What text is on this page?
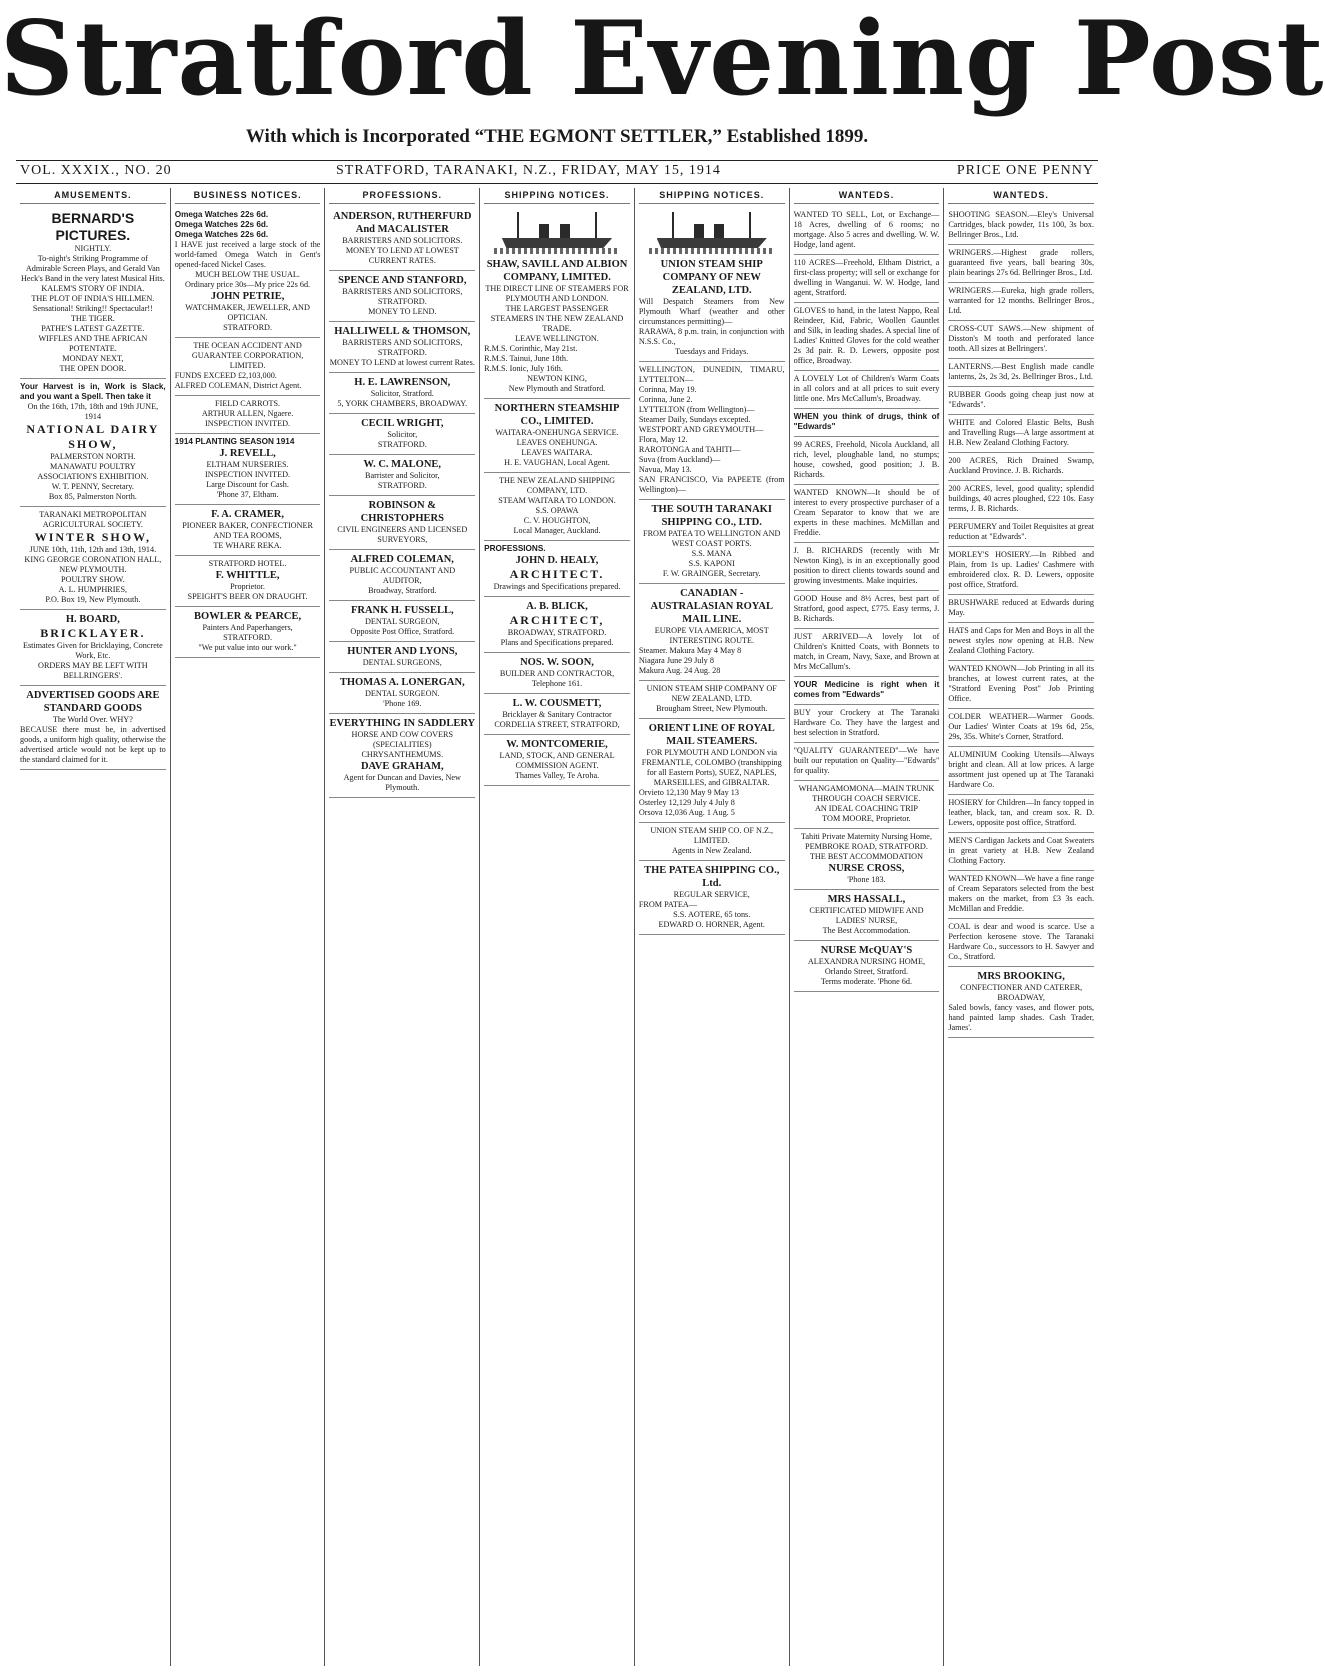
Stratford Evening Post
With which is Incorporated “THE EGMONT SETTLER,” Established 1899.
VOL. XXXIX., NO. 20	STRATFORD, TARANAKI, N.Z., FRIDAY, MAY 15, 1914	PRICE ONE PENNY
AMUSEMENTS.

BERNARD'S PICTURES.

NIGHTLY.

To-night's Striking Programme of Admirable Screen Plays, and Gerald Van Heck's Band in the very latest Musical Hits.

KALEM'S STORY OF INDIA.

THE PLOT OF INDIA'S HILLMEN.

Sensational! Striking!! Spectacular!!

THE TIGER.

PATHE'S LATEST GAZETTE.

WIFFLES AND THE AFRICAN POTENTATE.

MONDAY NEXT,

THE OPEN DOOR.

Your Harvest is in, Work is Slack, and you want a Spell. Then take it

On the 16th, 17th, 18th and 19th JUNE, 1914

NATIONAL DAIRY SHOW,

PALMERSTON NORTH.

MANAWATU POULTRY ASSOCIATION'S EXHIBITION.

W. T. PENNY, Secretary.

Box 85, Palmerston North.

TARANAKI METROPOLITAN AGRICULTURAL SOCIETY.

WINTER SHOW,

JUNE 10th, 11th, 12th and 13th, 1914.

KING GEORGE CORONATION HALL,

NEW PLYMOUTH.

POULTRY SHOW.

A. L. HUMPHRIES,

P.O. Box 19, New Plymouth.

H. BOARD,

BRICKLAYER.

Estimates Given for Bricklaying, Concrete Work, Etc.

ORDERS MAY BE LEFT WITH BELLRINGERS'.

ADVERTISED GOODS ARE STANDARD GOODS

The World Over. WHY?

BECAUSE there must be, in advertised goods, a uniform high quality, otherwise the advertised article would not be kept up to the standard claimed for it.

BUSINESS NOTICES.

Omega Watches 22s 6d.

Omega Watches 22s 6d.

Omega Watches 22s 6d.

I HAVE just received a large stock of the world-famed Omega Watch in Gent's opened-faced Nickel Cases.

MUCH BELOW THE USUAL.

Ordinary price 30s—My price 22s 6d.

JOHN PETRIE,

WATCHMAKER, JEWELLER, AND OPTICIAN.

STRATFORD.

THE OCEAN ACCIDENT AND GUARANTEE CORPORATION, LIMITED.

FUNDS EXCEED £2,103,000.

ALFRED COLEMAN, District Agent.

FIELD CARROTS.

ARTHUR ALLEN, Ngaere.

INSPECTION INVITED.

1914 PLANTING SEASON 1914

J. REVELL,

ELTHAM NURSERIES.

INSPECTION INVITED.

Large Discount for Cash.

'Phone 37, Eltham.

F. A. CRAMER,

PIONEER BAKER, CONFECTIONER AND TEA ROOMS,

TE WHARE REKA.

STRATFORD HOTEL.

F. WHITTLE,

Proprietor.

SPEIGHT'S BEER ON DRAUGHT.

BOWLER & PEARCE,

Painters And Paperhangers,

STRATFORD.

"We put value into our work."

PROFESSIONS.

ANDERSON, RUTHERFURD And MACALISTER

BARRISTERS AND SOLICITORS.

MONEY TO LEND AT LOWEST CURRENT RATES.

SPENCE AND STANFORD,

BARRISTERS AND SOLICITORS, STRATFORD.

MONEY TO LEND.

HALLIWELL & THOMSON,

BARRISTERS AND SOLICITORS, STRATFORD.

MONEY TO LEND at lowest current Rates.

H. E. LAWRENSON,

Solicitor, Stratford.

5, YORK CHAMBERS, BROADWAY.

CECIL WRIGHT,

Solicitor,

STRATFORD.

W. C. MALONE,

Barrister and Solicitor,

STRATFORD.

ROBINSON & CHRISTOPHERS

CIVIL ENGINEERS AND LICENSED SURVEYORS,

ALFRED COLEMAN,

PUBLIC ACCOUNTANT AND AUDITOR,

Broadway, Stratford.

FRANK H. FUSSELL,

DENTAL SURGEON,

Opposite Post Office, Stratford.

HUNTER AND LYONS,

DENTAL SURGEONS,

THOMAS A. LONERGAN,

DENTAL SURGEON.

'Phone 169.

EVERYTHING IN SADDLERY

HORSE AND COW COVERS (SPECIALITIES)

CHRYSANTHEMUMS.

DAVE GRAHAM,

Agent for Duncan and Davies, New Plymouth.

SHIPPING NOTICES.

SHAW, SAVILL AND ALBION COMPANY, LIMITED.

THE DIRECT LINE OF STEAMERS FOR PLYMOUTH AND LONDON.

THE LARGEST PASSENGER STEAMERS IN THE NEW ZEALAND TRADE.

LEAVE WELLINGTON.

R.M.S. Corinthic, May 21st.

R.M.S. Tainui, June 18th.

R.M.S. Ionic, July 16th.

NEWTON KING,

New Plymouth and Stratford.

NORTHERN STEAMSHIP CO., LIMITED.

WAITARA-ONEHUNGA SERVICE.

LEAVES ONEHUNGA.

LEAVES WAITARA.

H. E. VAUGHAN, Local Agent.

THE NEW ZEALAND SHIPPING COMPANY, LTD.

STEAM WAITARA TO LONDON.

S.S. OPAWA

C. V. HOUGHTON,

Local Manager, Auckland.

PROFESSIONS.

JOHN D. HEALY,

ARCHITECT.

Drawings and Specifications prepared.

A. B. BLICK,

ARCHITECT,

BROADWAY, STRATFORD.

Plans and Specifications prepared.

NOS. W. SOON,

BUILDER AND CONTRACTOR,

Telephone 161.

L. W. COUSMETT,

Bricklayer & Sanitary Contractor

CORDELIA STREET, STRATFORD,

W. MONTCOMERIE,

LAND, STOCK, AND GENERAL COMMISSION AGENT.

Thames Valley, Te Aroha.

SHIPPING NOTICES.

UNION STEAM SHIP COMPANY OF NEW ZEALAND, LTD.

Will Despatch Steamers from New Plymouth Wharf (weather and other circumstances permitting)—

RARAWA, 8 p.m. train, in conjunction with N.S.S. Co.,

Tuesdays and Fridays.

WELLINGTON, DUNEDIN, TIMARU, LYTTELTON—

Corinna, May 19.

Corinna, June 2.

LYTTELTON (from Wellington)—

Steamer Daily, Sundays excepted.

WESTPORT AND GREYMOUTH—

Flora, May 12.

RAROTONGA and TAHITI—

Suva (from Auckland)—

Navua, May 13.

SAN FRANCISCO, Via PAPEETE (from Wellington)—

THE SOUTH TARANAKI SHIPPING CO., LTD.

FROM PATEA TO WELLINGTON AND WEST COAST PORTS.

S.S. MANA

S.S. KAPONI

F. W. GRAINGER, Secretary.

CANADIAN - AUSTRALASIAN ROYAL MAIL LINE.

EUROPE VIA AMERICA, MOST INTERESTING ROUTE.

Steamer. Makura May 4 May 8

Niagara June 29 July 8

Makura Aug. 24 Aug. 28

UNION STEAM SHIP COMPANY OF NEW ZEALAND, LTD.

Brougham Street, New Plymouth.

ORIENT LINE OF ROYAL MAIL STEAMERS.

FOR PLYMOUTH AND LONDON via FREMANTLE, COLOMBO (transhipping for all Eastern Ports), SUEZ, NAPLES, MARSEILLES, and GIBRALTAR.

Orvieto 12,130 May 9 May 13

Osterley 12,129 July 4 July 8

Orsova 12,036 Aug. 1 Aug. 5

UNION STEAM SHIP CO. OF N.Z., LIMITED.

Agents in New Zealand.

THE PATEA SHIPPING CO., Ltd.

REGULAR SERVICE,

FROM PATEA—

S.S. AOTERE, 65 tons.

EDWARD O. HORNER, Agent.

WANTEDS.

WANTED TO SELL, Lot, or Exchange—18 Acres, dwelling of 6 rooms; no mortgage. Also 5 acres and dwelling. W. W. Hodge, land agent.

110 ACRES—Freehold, Eltham District, a first-class property; will sell or exchange for dwelling in Wanganui. W. W. Hodge, land agent, Stratford.

GLOVES to hand, in the latest Nappo, Real Reindeer, Kid, Fabric, Woollen Gauntlet and Silk, in leading shades. A special line of Ladies' Knitted Gloves for the cold weather 2s 3d pair. R. D. Lewers, opposite post office, Broadway.

A LOVELY Lot of Children's Warm Coats in all colors and at all prices to suit every little one. Mrs McCallum's, Broadway.

WHEN you think of drugs, think of "Edwards"

99 ACRES, Freehold, Nicola Auckland, all rich, level, ploughable land, no stumps; house, cowshed, good position; J. B. Richards.

WANTED KNOWN—It should be of interest to every prospective purchaser of a Cream Separator to know that we are experts in these machines. McMillan and Freddie.

J. B. RICHARDS (recently with Mr Newton King), is in an exceptionally good position to direct clients towards sound and growing investments. Make inquiries.

GOOD House and 8½ Acres, best part of Stratford, good aspect, £775. Easy terms, J. B. Richards.

JUST ARRIVED—A lovely lot of Children's Knitted Coats, with Bonnets to match, in Cream, Navy, Saxe, and Brown at Mrs McCallum's.

YOUR Medicine is right when it comes from "Edwards"

BUY your Crockery at The Taranaki Hardware Co. They have the largest and best selection in Stratford.

"QUALITY GUARANTEED"—We have built our reputation on Quality—"Edwards" for quality.

WHANGAMOMONA—MAIN TRUNK THROUGH COACH SERVICE.

AN IDEAL COACHING TRIP

TOM MOORE, Proprietor.

Tahiti Private Maternity Nursing Home,

PEMBROKE ROAD, STRATFORD.

THE BEST ACCOMMODATION

NURSE CROSS,

'Phone 183.

MRS HASSALL,

CERTIFICATED MIDWIFE AND LADIES' NURSE,

The Best Accommodation.

NURSE McQUAY'S

ALEXANDRA NURSING HOME, Orlando Street, Stratford.

Terms moderate. 'Phone 6d.

WANTEDS.

SHOOTING SEASON.—Eley's Universal Cartridges, black powder, 11s 100, 3s box. Bellringer Bros., Ltd.

WRINGERS.—Highest grade rollers, guaranteed five years, ball bearing 30s, plain bearings 27s 6d. Bellringer Bros., Ltd.

WRINGERS.—Eureka, high grade rollers, warranted for 12 months. Bellringer Bros., Ltd.

CROSS-CUT SAWS.—New shipment of Disston's M tooth and perforated lance tooth. All sizes at Bellringers'.

LANTERNS.—Best English made candle lanterns, 2s, 2s 3d, 2s. Bellringer Bros., Ltd.

RUBBER Goods going cheap just now at "Edwards".

WHITE and Colored Elastic Belts, Bush and Travelling Rugs—A large assortment at H.B. New Zealand Clothing Factory.

200 ACRES, Rich Drained Swamp, Auckland Province. J. B. Richards.

200 ACRES, level, good quality; splendid buildings, 40 acres ploughed, £22 10s. Easy terms, J. B. Richards.

PERFUMERY and Toilet Requisites at great reduction at "Edwards".

MORLEY'S HOSIERY.—In Ribbed and Plain, from 1s up. Ladies' Cashmere with embroidered clox. R. D. Lewers, opposite post office, Stratford.

BRUSHWARE reduced at Edwards during May.

HATS and Caps for Men and Boys in all the newest styles now opening at H.B. New Zealand Clothing Factory.

WANTED KNOWN—Job Printing in all its branches, at lowest current rates, at the "Stratford Evening Post" Job Printing Office.

COLDER WEATHER—Warmer Goods. Our Ladies' Winter Coats at 19s 6d, 25s, 29s, 35s. White's Corner, Stratford.

ALUMINIUM Cooking Utensils—Always bright and clean. All at low prices. A large assortment just opened up at The Taranaki Hardware Co.

HOSIERY for Children—In fancy topped in leather, black, tan, and cream sox. R. D. Lewers, opposite post office, Stratford.

MEN'S Cardigan Jackets and Coat Sweaters in great variety at H.B. New Zealand Clothing Factory.

WANTED KNOWN—We have a fine range of Cream Separators selected from the best makers on the market, from £3 3s each. McMillan and Freddie.

COAL is dear and wood is scarce. Use a Perfection kerosene stove. The Taranaki Hardware Co., successors to H. Sawyer and Co., Stratford.

MRS BROOKING,

CONFECTIONER AND CATERER, BROADWAY,

Saled bowls, fancy vases, and flower pots, hand painted lamp shades. Cash Trader, James'.
